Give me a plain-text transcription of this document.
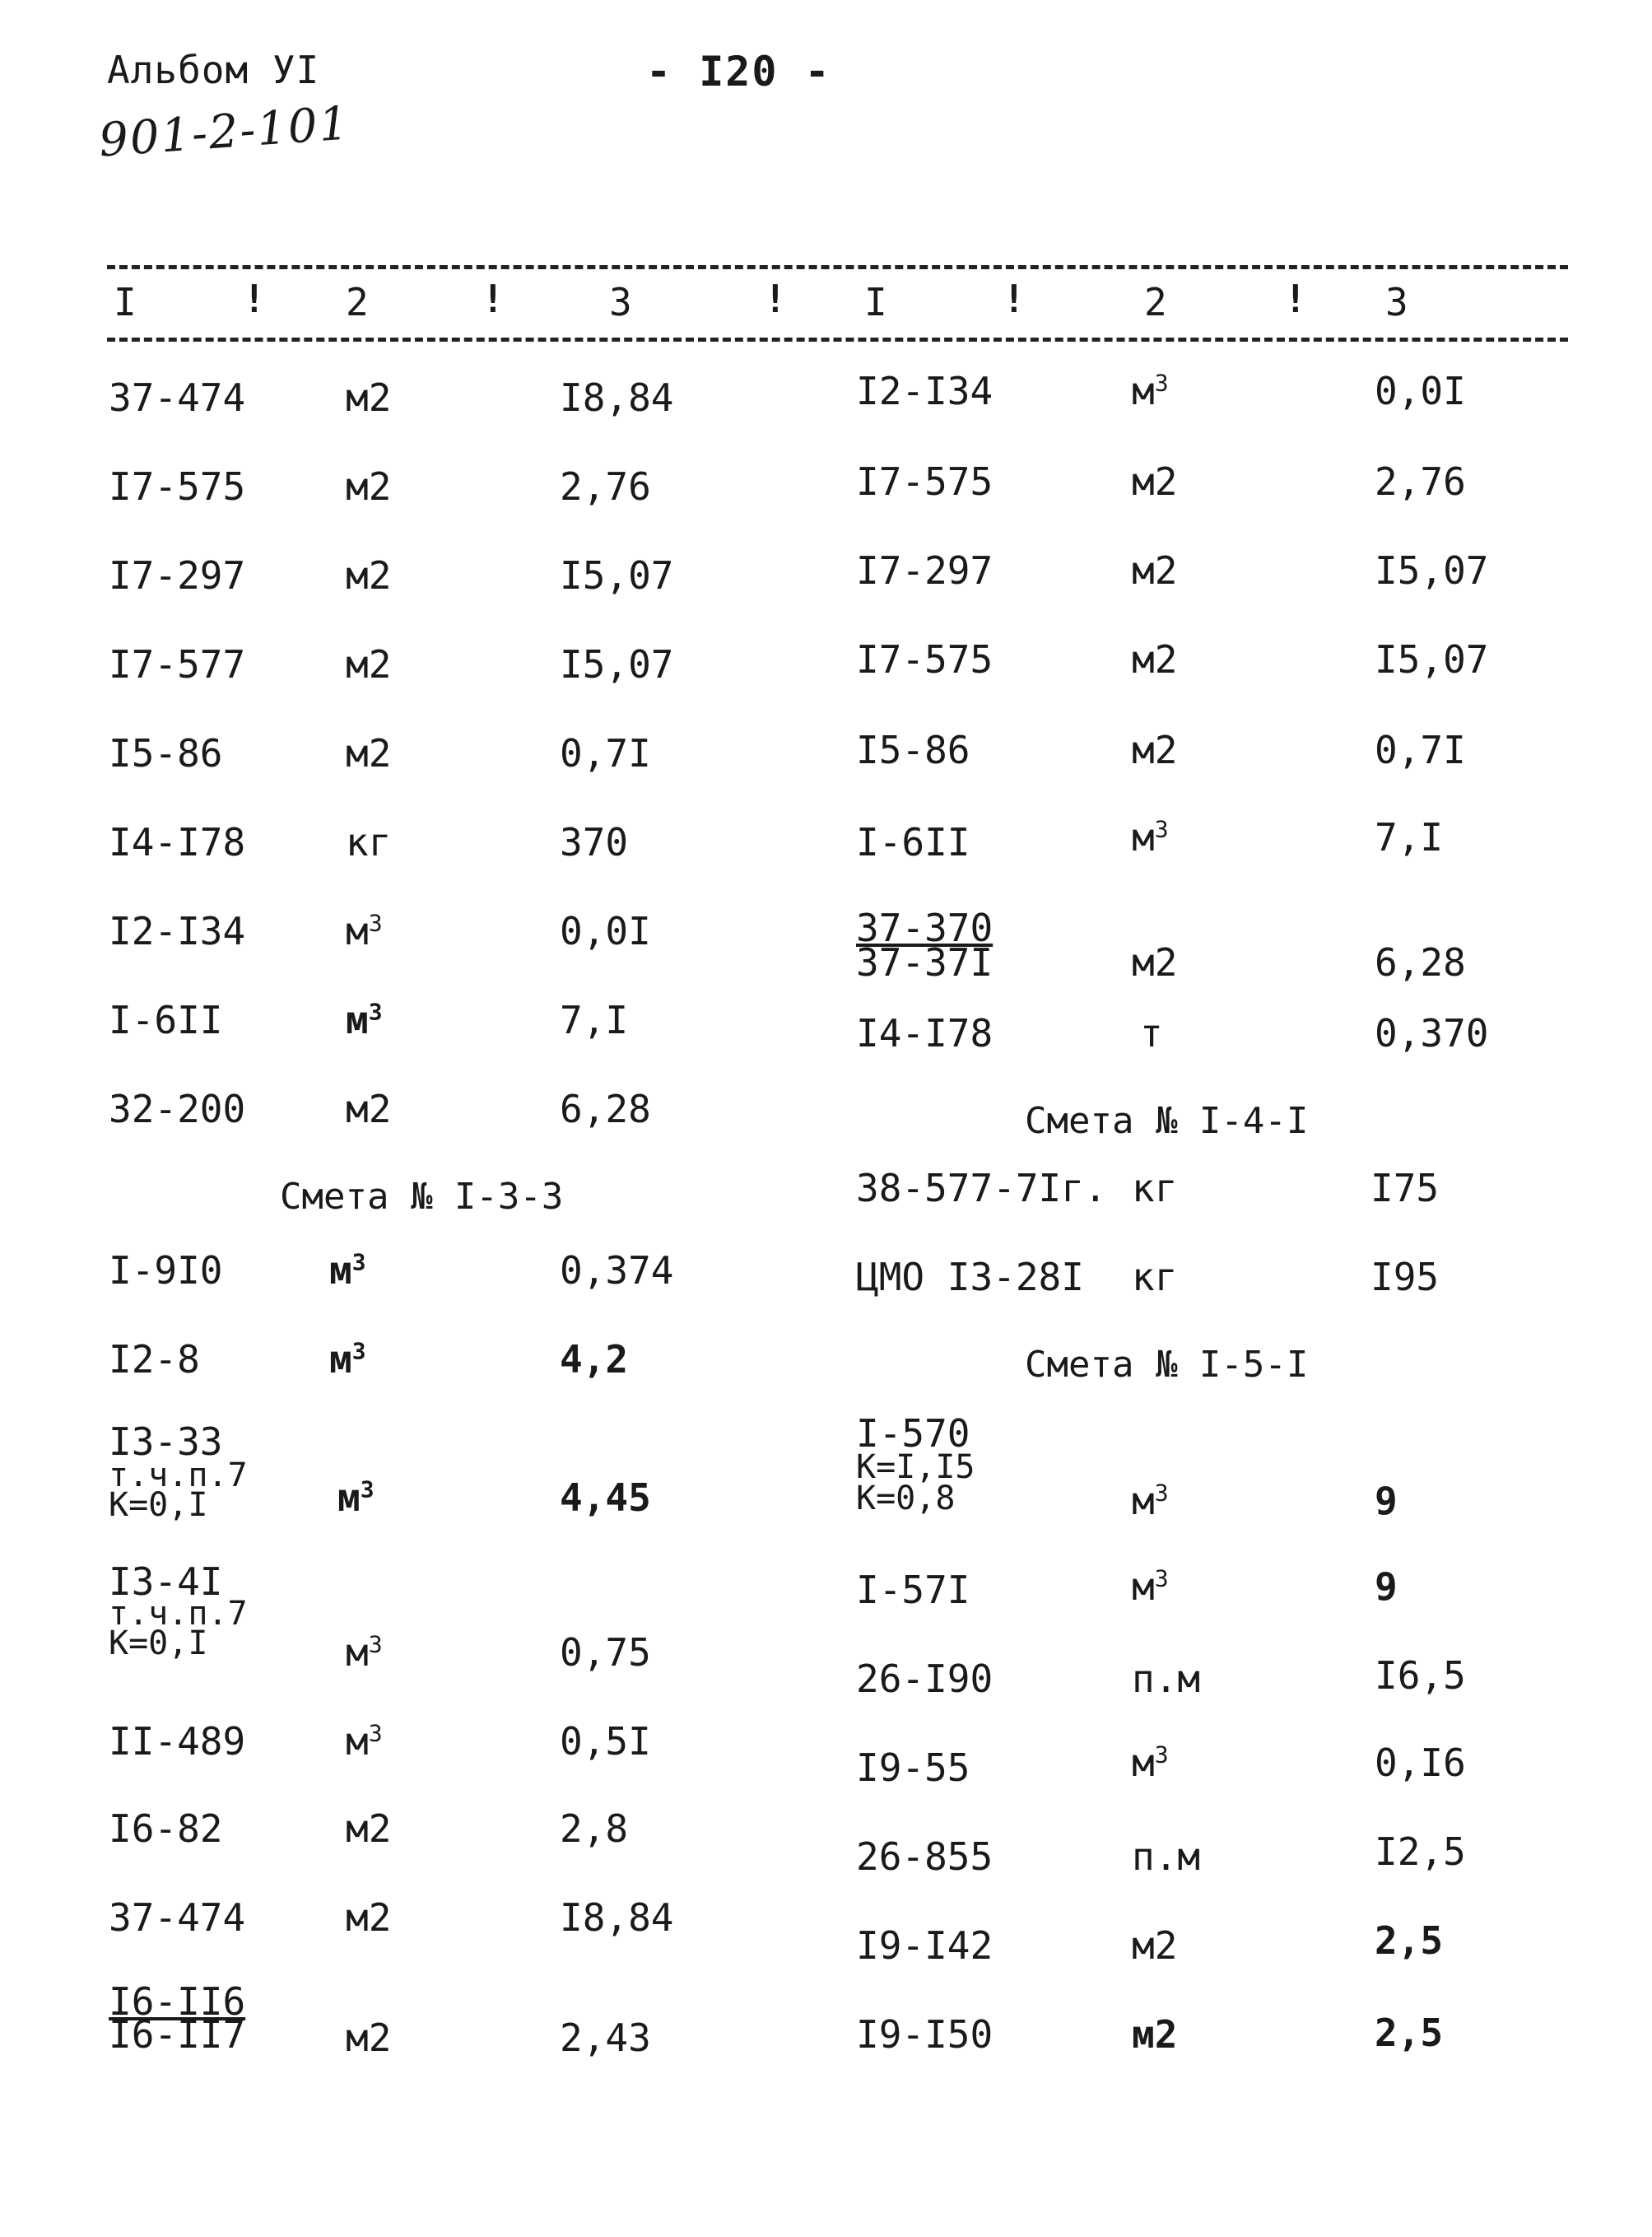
Альбом УІ
901-2-101
- I20 -
I	! 2	!	3	! I	!	2	! 3
37-474	м2	I8,84
I7-575	м2	2,76
I7-297	м2	I5,07
I7-577	м2	I5,07
I5-86	м2	0,7I
I4-I78	кг	370
I2-I34	$м^3$	0,0I
I-6II	$м^3$	7,I
32-200	м2	6,28
Смета № I-3-3
I-9I0	$м^3$	0,374
I2-8	$м^3$	4,2
I3-33
т.ч.п.7
К=0,I	$м^3$	4,45
I3-4I
т.ч.п.7
К=0,I	$м^3$	0,75
II-489	$м^3$	0,5I
I6-82	м2	2,8
37-474	м2	I8,84
I6-II6
I6-II7	м2	2,43
I2-I34	$м^3$	0,0I
I7-575	м2	2,76
I7-297	м2	I5,07
I7-575	м2	I5,07
I5-86	м2	0,7I
I-6II	$м^3$	7,I
37-370
37-37I	м2	6,28
I4-I78	т	0,370
Смета № I-4-I
38-577-7Iг. кг	I75
ЦМО I3-28I кг	I95
Смета № I-5-I
I-570
К=I,I5
К=0,8	$м^3$	9
I-57I	$м^3$	9
26-I90	п.м	I6,5
I9-55	$м^3$	0,I6
26-855	п.м	I2,5
I9-I42	м2	2,5
I9-I50	м2	2,5
